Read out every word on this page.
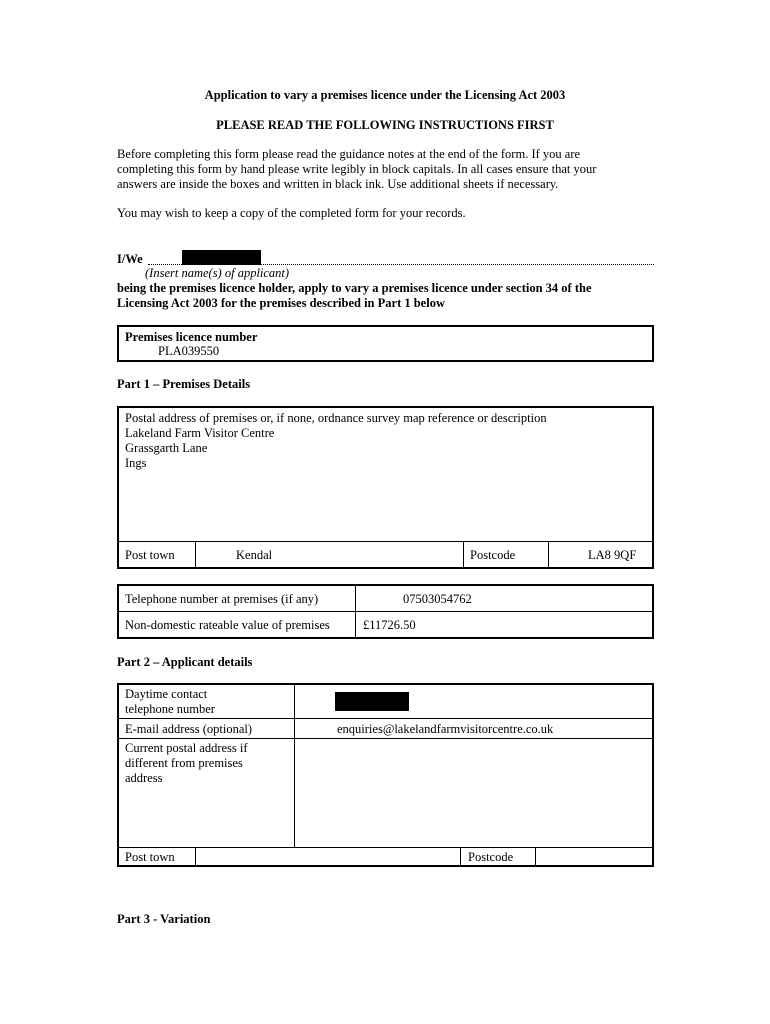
Application to vary a premises licence under the Licensing Act 2003
PLEASE READ THE FOLLOWING INSTRUCTIONS FIRST
Before completing this form please read the guidance notes at the end of the form. If you are
completing this form by hand please write legibly in block capitals. In all cases ensure that your
answers are inside the boxes and written in black ink. Use additional sheets if necessary.
You may wish to keep a copy of the completed form for your records.
I/We
(Insert name(s) of applicant)
being the premises licence holder, apply to vary a premises licence under section 34 of the
Licensing Act 2003 for the premises described in Part 1 below
Premises licence number
PLA039550
Part 1 – Premises Details
Postal address of premises or, if none, ordnance survey map reference or description
Lakeland Farm Visitor Centre
Grassgarth Lane
Ings
Post town	Kendal	Postcode	LA8 9QF
Telephone number at premises (if any)	07503054762
Non-domestic rateable value of premises	£11726.50
Part 2 – Applicant details
Daytime contact
telephone number
E-mail address (optional)	enquiries@lakelandfarmvisitorcentre.co.uk
Current postal address if
different from premises
address
Post town	Postcode
Part 3 - Variation
